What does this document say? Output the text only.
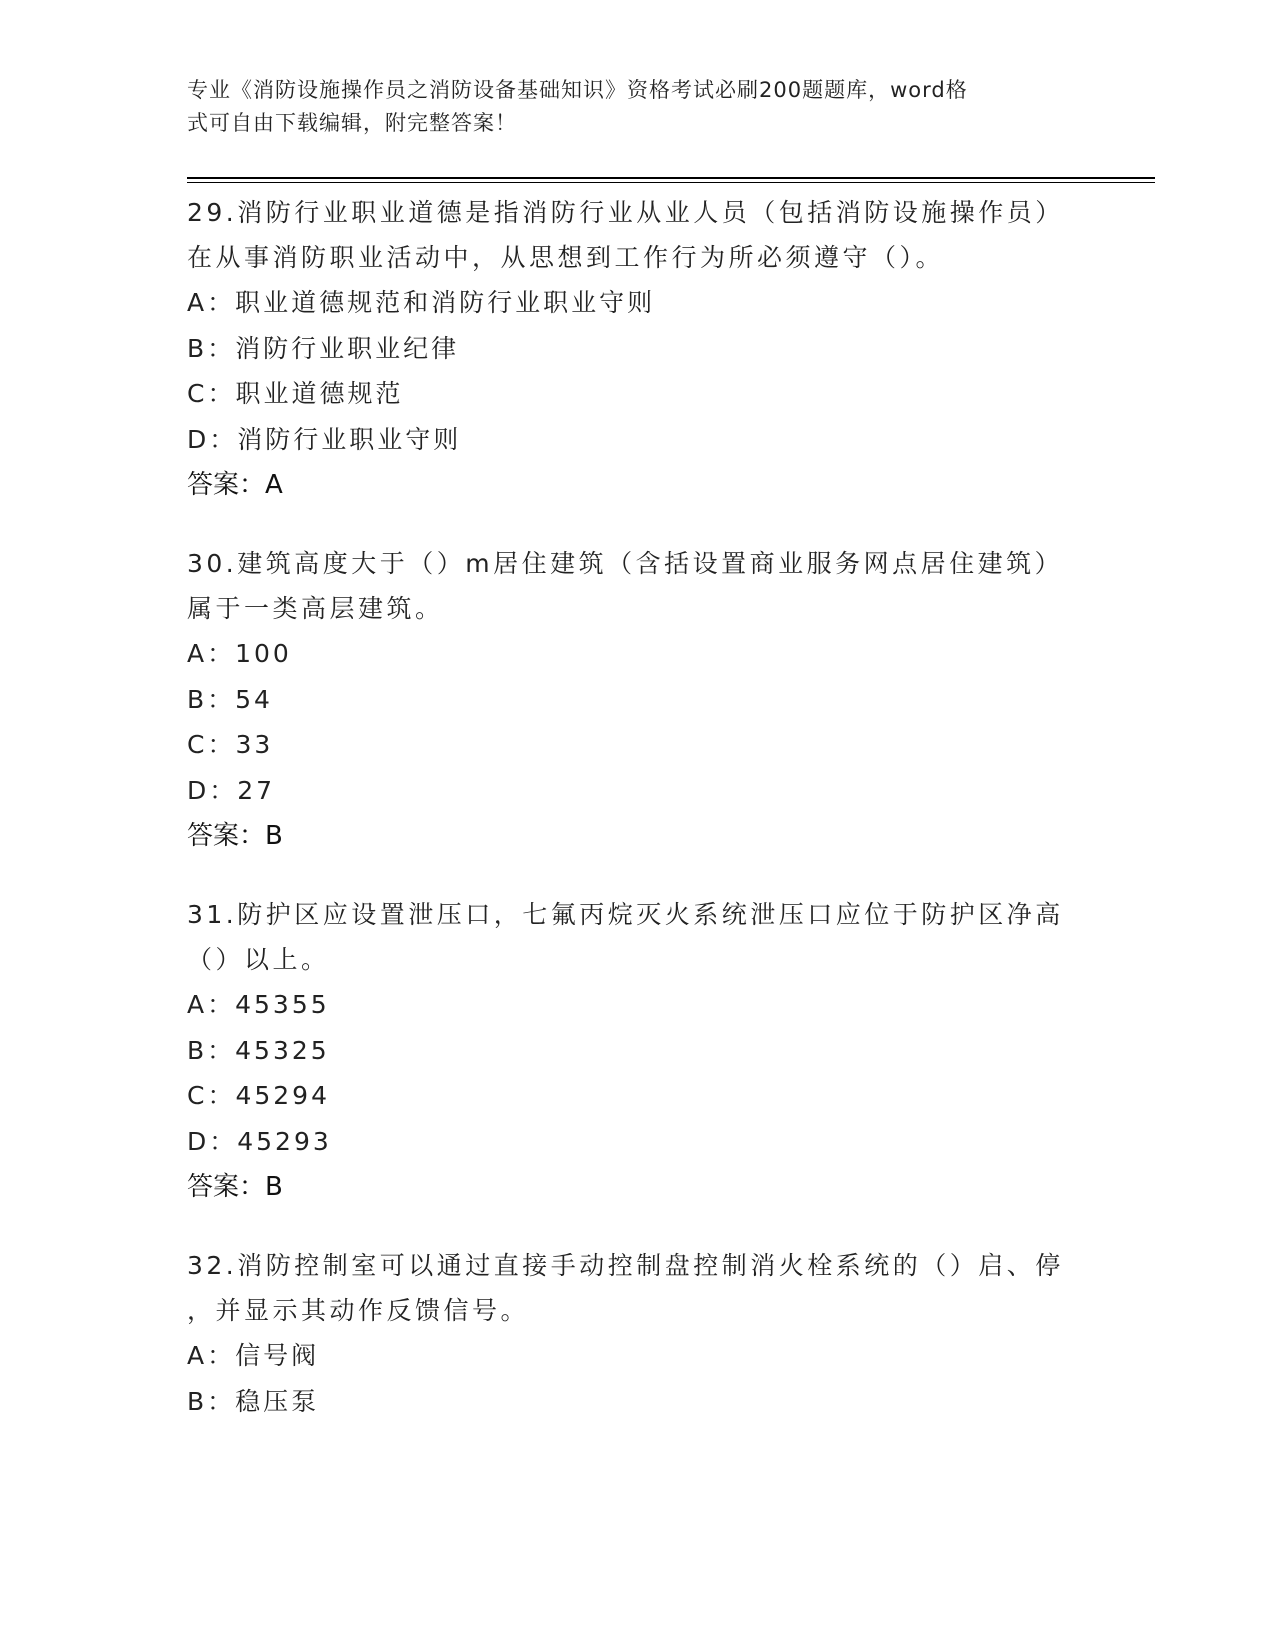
专业《消防设施操作员之消防设备基础知识》资格考试必刷200题题库，word格
式可自由下载编辑，附完整答案！

29.消防行业职业道德是指消防行业从业人员（包括消防设施操作员）

在从事消防职业活动中，从思想到工作行为所必须遵守（）。

A：职业道德规范和消防行业职业守则

B：消防行业职业纪律

C：职业道德规范

D：消防行业职业守则

答案：A

30.建筑高度大于（）m居住建筑（含括设置商业服务网点居住建筑）

属于一类高层建筑。

A：100

B：54

C：33

D：27

答案：B

31.防护区应设置泄压口，七氟丙烷灭火系统泄压口应位于防护区净高

（）以上。

A：45355

B：45325

C：45294

D：45293

答案：B

32.消防控制室可以通过直接手动控制盘控制消火栓系统的（）启、停

，并显示其动作反馈信号。

A：信号阀

B：稳压泵
